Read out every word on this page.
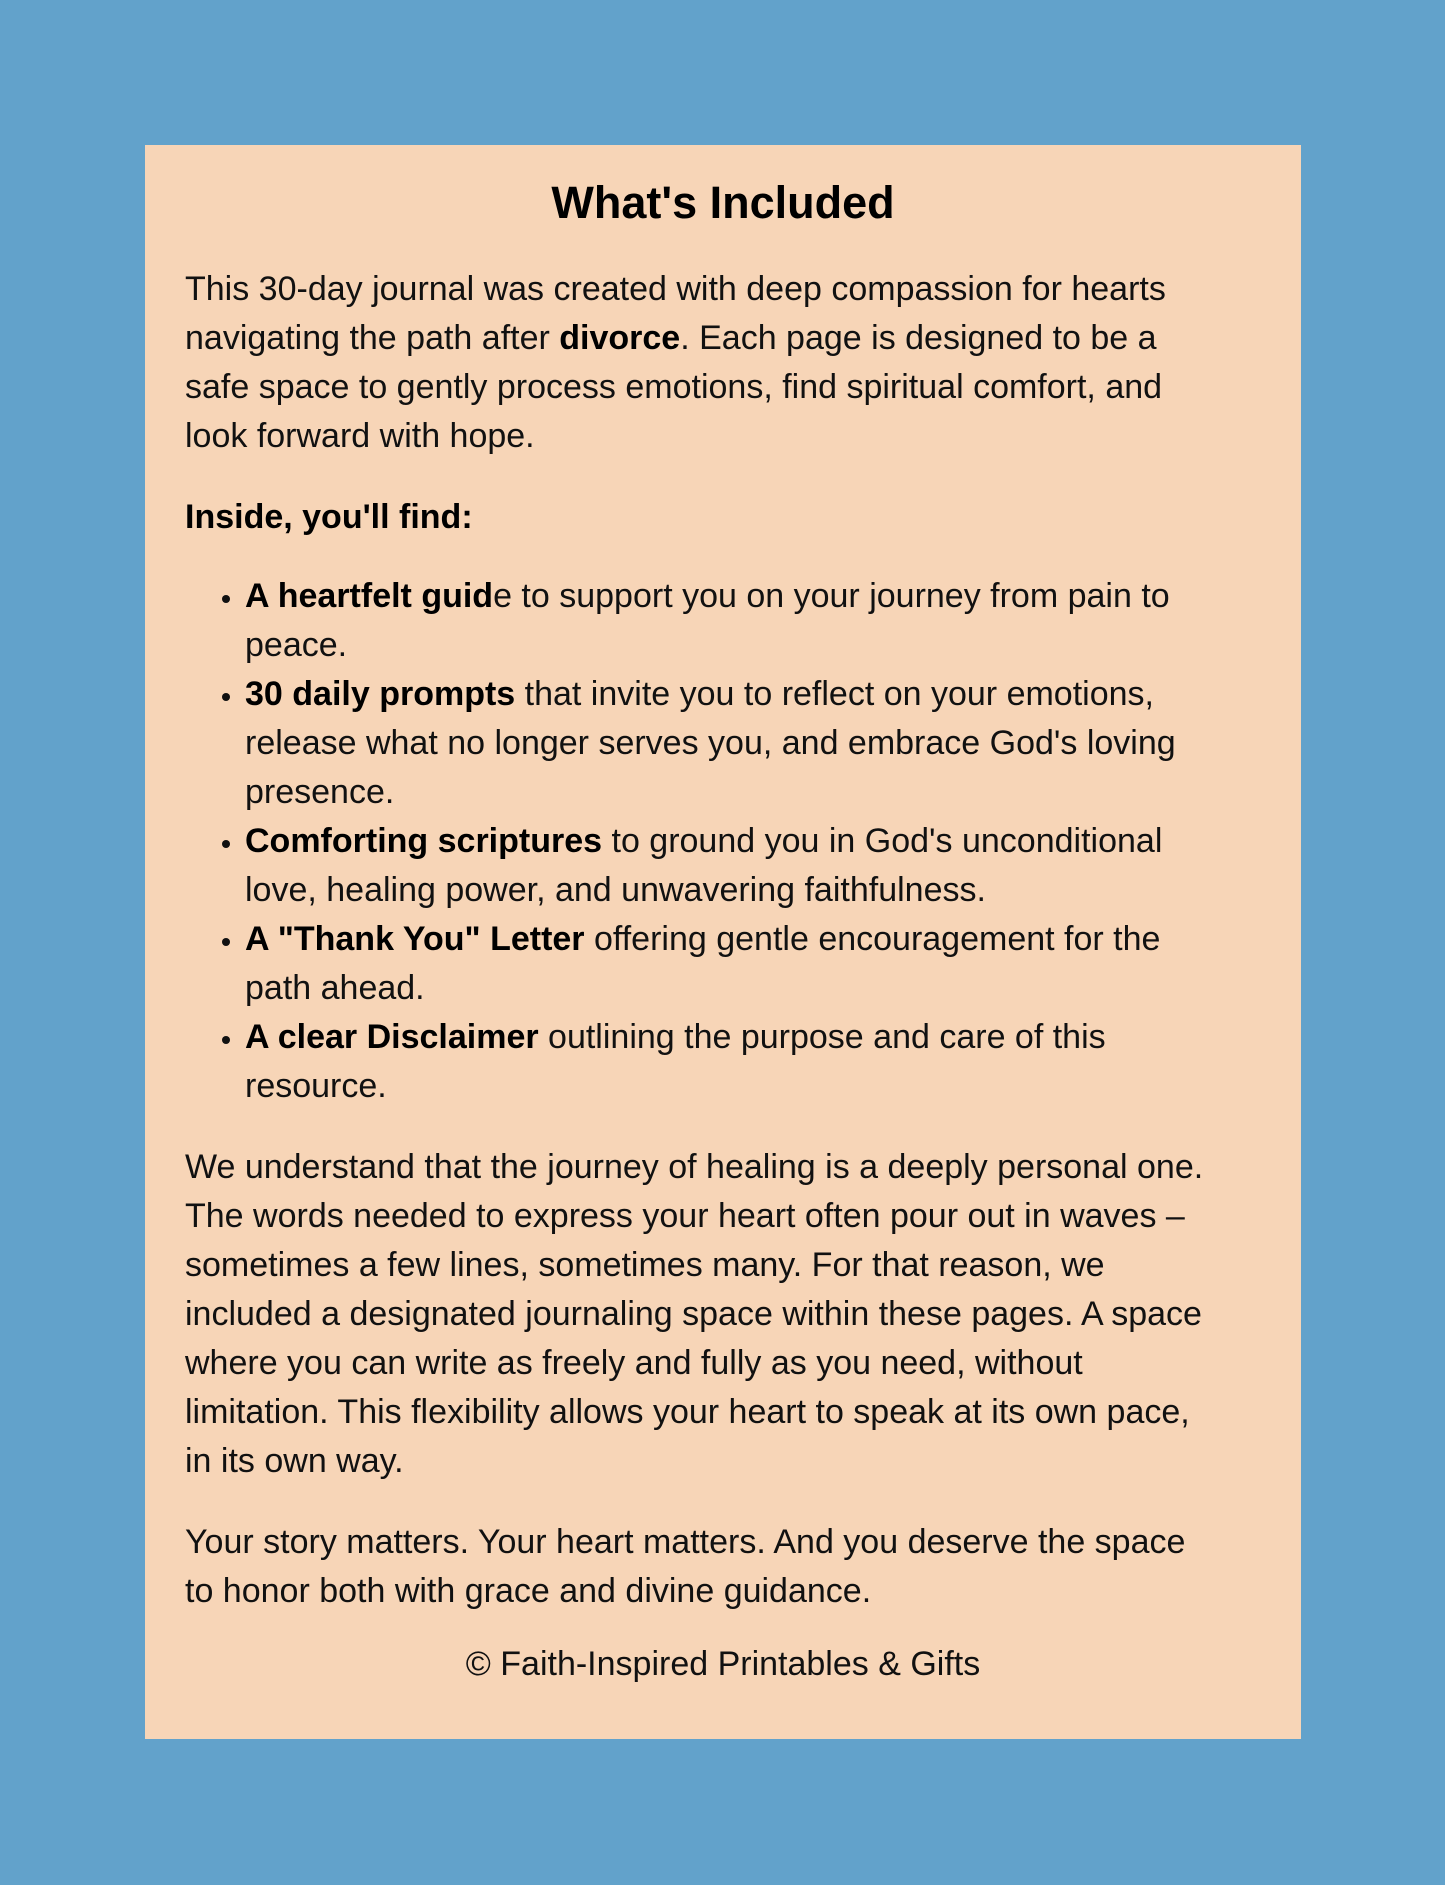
What's Included

This 30-day journal was created with deep compassion for hearts
navigating the path after divorce. Each page is designed to be a
safe space to gently process emotions, find spiritual comfort, and
look forward with hope.

Inside, you'll find:

• A heartfelt guide to support you on your journey from pain to
peace.
• 30 daily prompts that invite you to reflect on your emotions,
release what no longer serves you, and embrace God's loving
presence.
• Comforting scriptures to ground you in God's unconditional
love, healing power, and unwavering faithfulness.
• A "Thank You" Letter offering gentle encouragement for the
path ahead.
• A clear Disclaimer outlining the purpose and care of this
resource.

We understand that the journey of healing is a deeply personal one.
The words needed to express your heart often pour out in waves –
sometimes a few lines, sometimes many. For that reason, we
included a designated journaling space within these pages. A space
where you can write as freely and fully as you need, without
limitation. This flexibility allows your heart to speak at its own pace,
in its own way.

Your story matters. Your heart matters. And you deserve the space
to honor both with grace and divine guidance.

© Faith-Inspired Printables & Gifts
